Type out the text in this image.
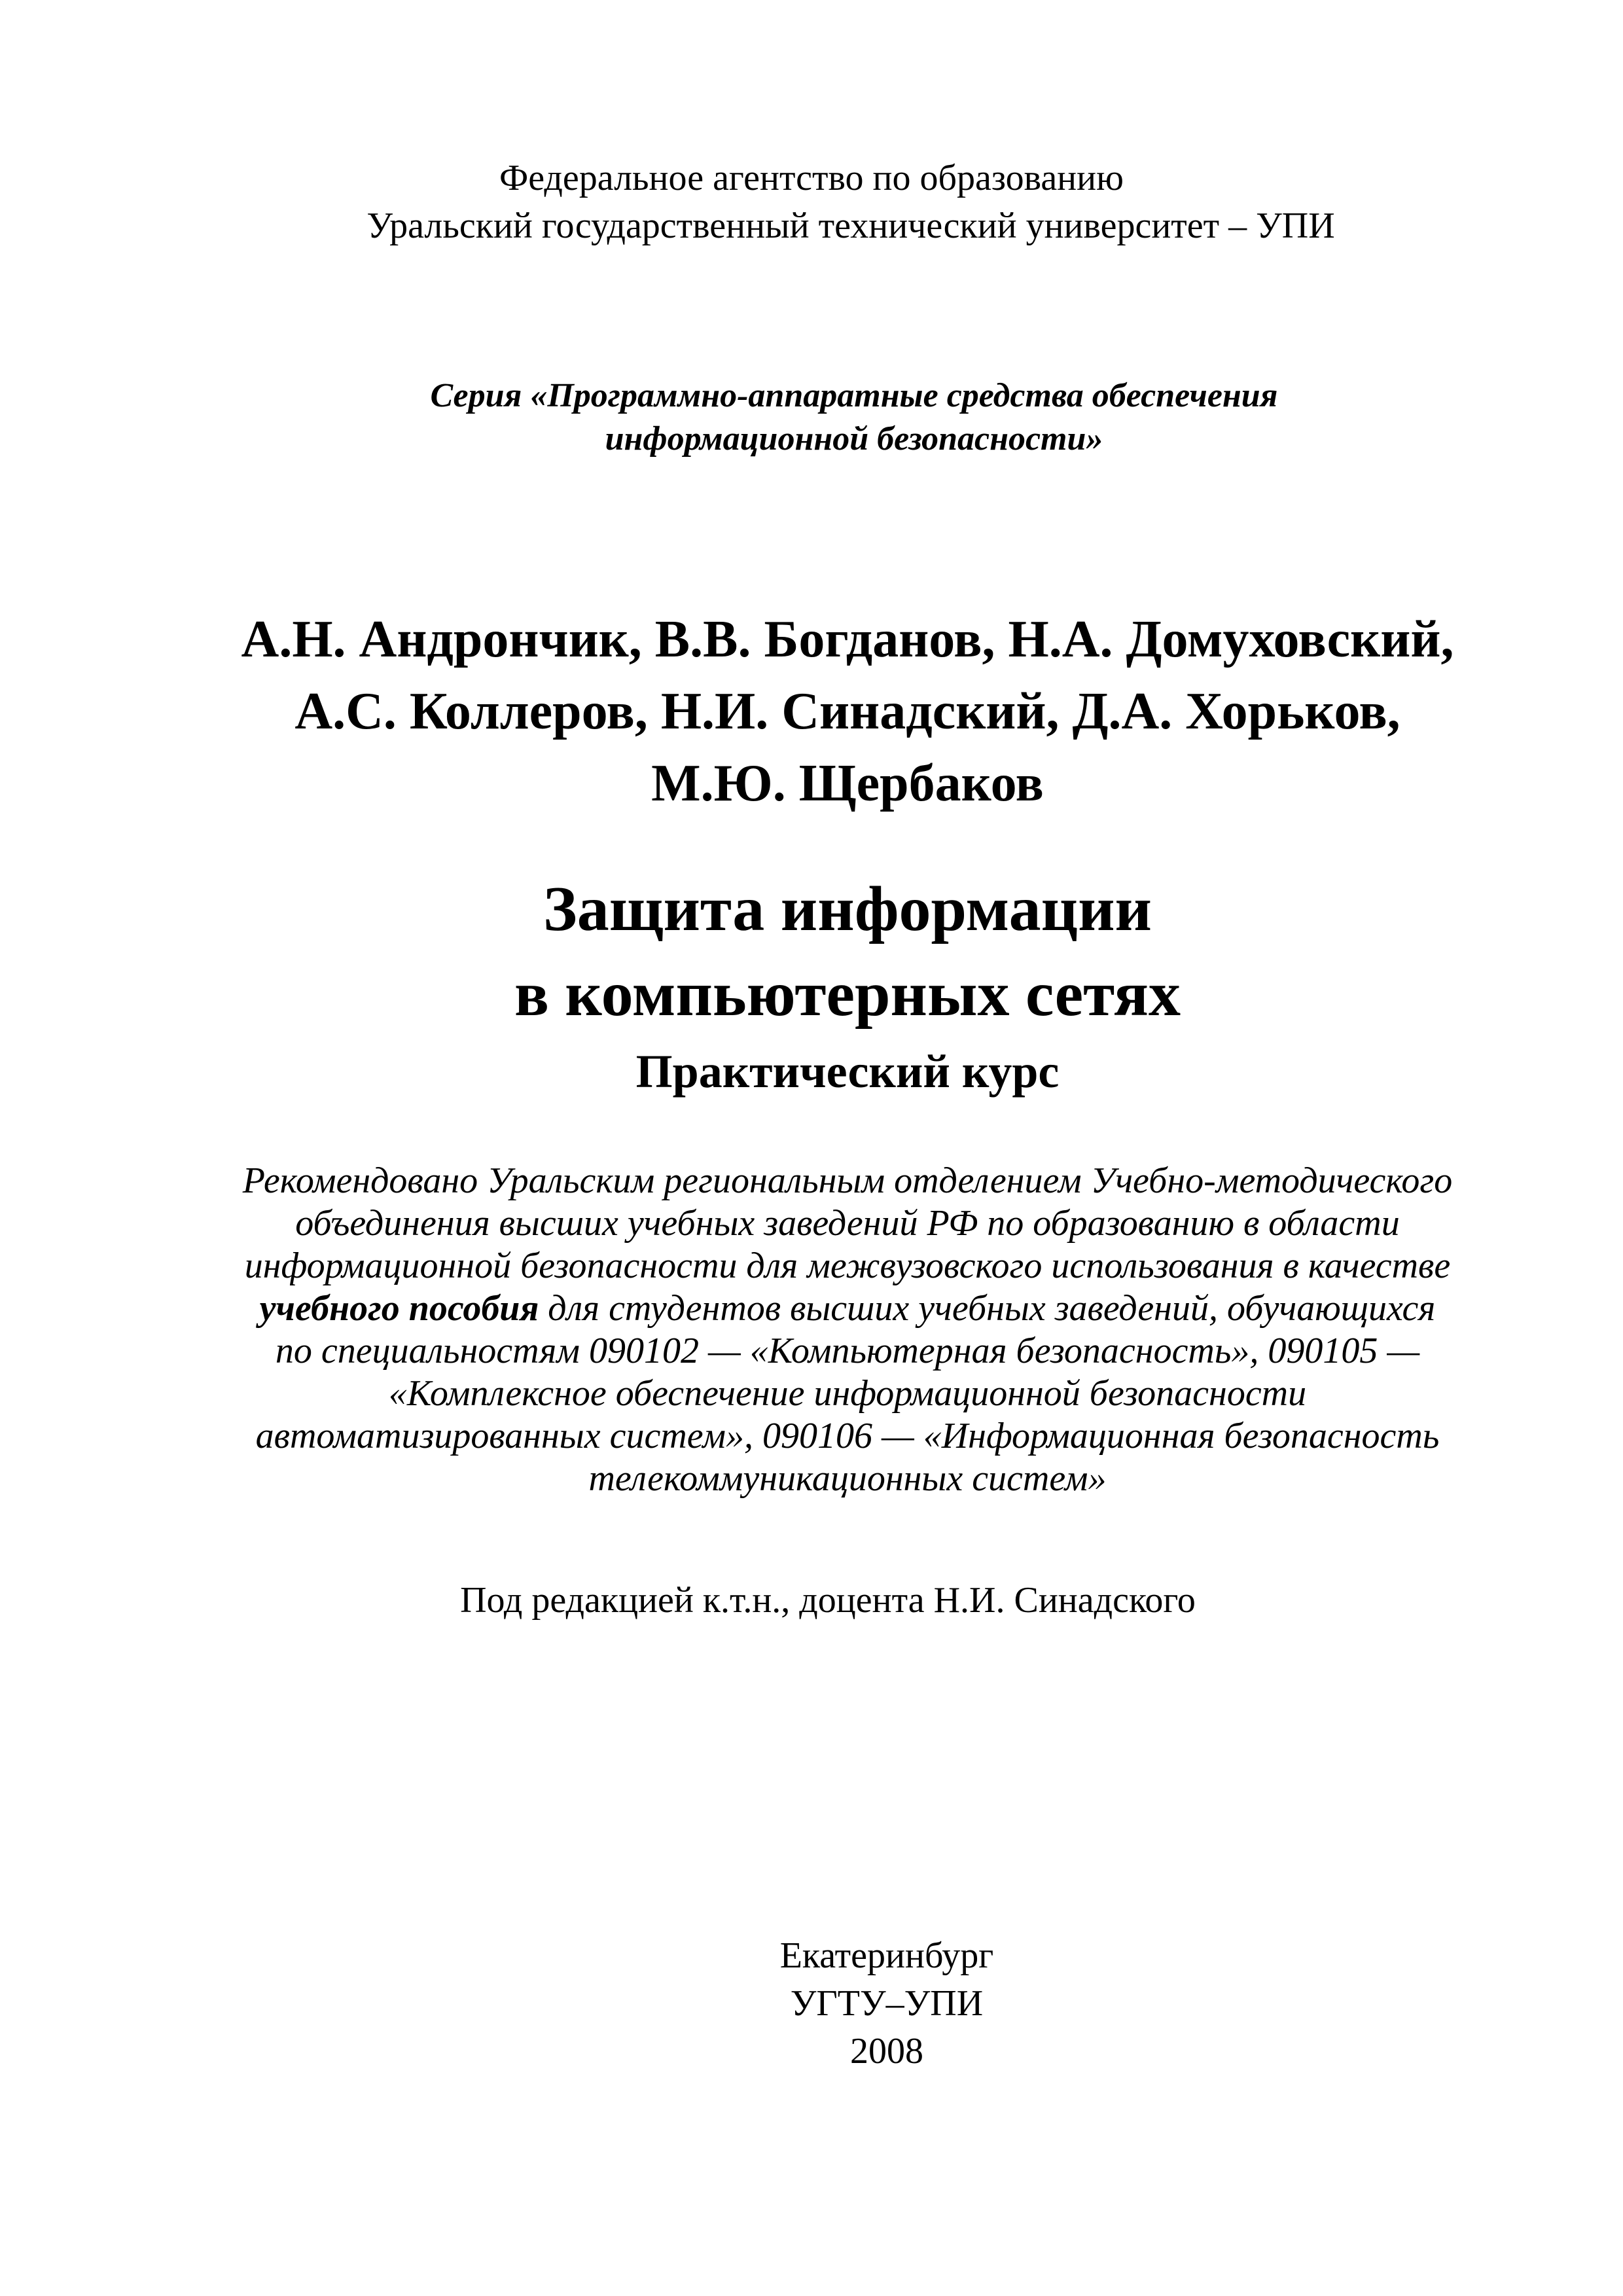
Федеральное агентство по образованию
Уральский государственный технический университет – УПИ
Серия «Программно-аппаратные средства обеспечения
информационной безопасности»
А.Н. Андрончик, В.В. Богданов, Н.А. Домуховский,
А.С. Коллеров, Н.И. Синадский, Д.А. Хорьков,
М.Ю. Щербаков
Защита информации
в компьютерных сетях
Практический курс
Рекомендовано Уральским региональным отделением Учебно-методического
объединения высших учебных заведений РФ по образованию в области
информационной безопасности для межвузовского использования в качестве
учебного пособия для студентов высших учебных заведений, обучающихся
по специальностям 090102 — «Компьютерная безопасность», 090105 —
«Комплексное обеспечение информационной безопасности
автоматизированных систем», 090106 — «Информационная безопасность
телекоммуникационных систем»
Под редакцией к.т.н., доцента Н.И. Синадского
Екатеринбург
УГТУ–УПИ
2008
